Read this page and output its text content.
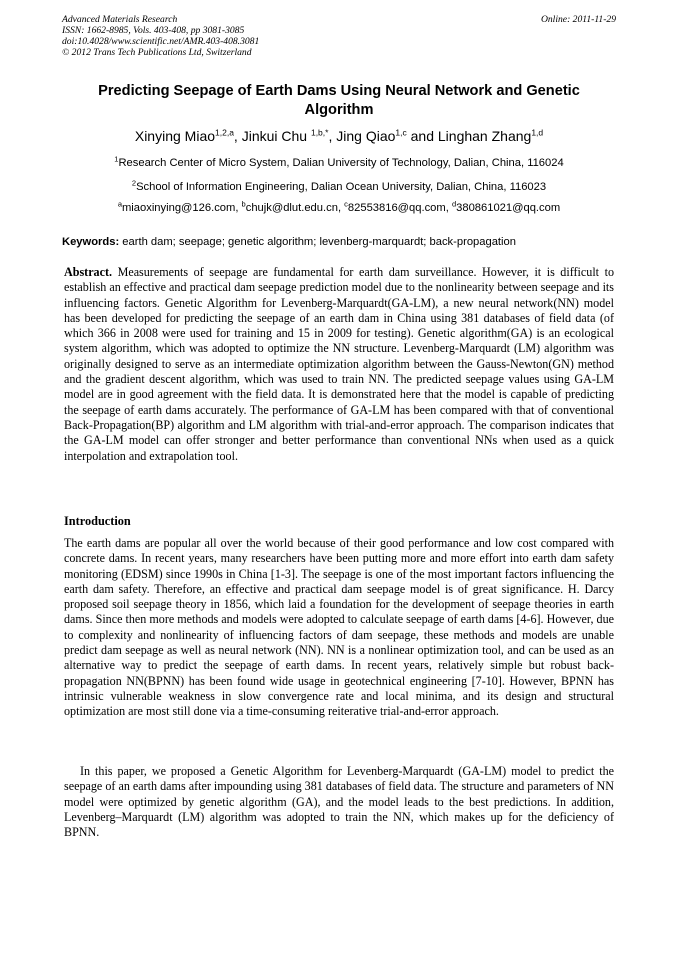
Advanced Materials Research
ISSN: 1662-8985, Vols. 403-408, pp 3081-3085
doi:10.4028/www.scientific.net/AMR.403-408.3081
© 2012 Trans Tech Publications Ltd, Switzerland
Online: 2011-11-29
Predicting Seepage of Earth Dams Using Neural Network and Genetic Algorithm
Xinying Miao$^{1,2,a}$, Jinkui Chu $^{1,b,*}$, Jing Qiao$^{1,c}$ and Linghan Zhang$^{1,d}$
$^1$Research Center of Micro System, Dalian University of Technology, Dalian, China, 116024
$^2$School of Information Engineering, Dalian Ocean University, Dalian, China, 116023
$^a$miaoxinying@126.com, $^b$chujk@dlut.edu.cn, $^c$82553816@qq.com, $^d$380861021@qq.com
Keywords: earth dam; seepage; genetic algorithm; levenberg-marquardt; back-propagation
Abstract. Measurements of seepage are fundamental for earth dam surveillance. However, it is difficult to establish an effective and practical dam seepage prediction model due to the nonlinearity between seepage and its influencing factors. Genetic Algorithm for Levenberg-Marquardt(GA-LM), a new neural network(NN) model has been developed for predicting the seepage of an earth dam in China using 381 databases of field data (of which 366 in 2008 were used for training and 15 in 2009 for testing). Genetic algorithm(GA) is an ecological system algorithm, which was adopted to optimize the NN structure. Levenberg-Marquardt (LM) algorithm was originally designed to serve as an intermediate optimization algorithm between the Gauss-Newton(GN) method and the gradient descent algorithm, which was used to train NN. The predicted seepage values using GA-LM model are in good agreement with the field data. It is demonstrated here that the model is capable of predicting the seepage of earth dams accurately. The performance of GA-LM has been compared with that of conventional Back-Propagation(BP) algorithm and LM algorithm with trial-and-error approach. The comparison indicates that the GA-LM model can offer stronger and better performance than conventional NNs when used as a quick interpolation and extrapolation tool.
Introduction
The earth dams are popular all over the world because of their good performance and low cost compared with concrete dams. In recent years, many researchers have been putting more and more effort into earth dam safety monitoring (EDSM) since 1990s in China [1-3]. The seepage is one of the most important factors influencing the earth dam safety. Therefore, an effective and practical dam seepage model is of great significance. H. Darcy proposed soil seepage theory in 1856, which laid a foundation for the development of seepage theories in earth dams. Since then more methods and models were adopted to calculate seepage of earth dams [4-6]. However, due to complexity and nonlinearity of influencing factors of dam seepage, these methods and models are unable predict dam seepage as well as neural network (NN). NN is a nonlinear optimization tool, and can be used as an alternative way to predict the seepage of earth dams. In recent years, relatively simple but robust back-propagation NN(BPNN) has been found wide usage in geotechnical engineering [7-10]. However, BPNN has intrinsic vulnerable weakness in slow convergence rate and local minima, and its design and structural optimization are most still done via a time-consuming reiterative trial-and-error approach.
In this paper, we proposed a Genetic Algorithm for Levenberg-Marquardt (GA-LM) model to predict the seepage of an earth dams after impounding using 381 databases of field data. The structure and parameters of NN model were optimized by genetic algorithm (GA), and the model leads to the best predictions. In addition, Levenberg–Marquardt (LM) algorithm was adopted to train the NN, which makes up for the deficiency of BPNN.
